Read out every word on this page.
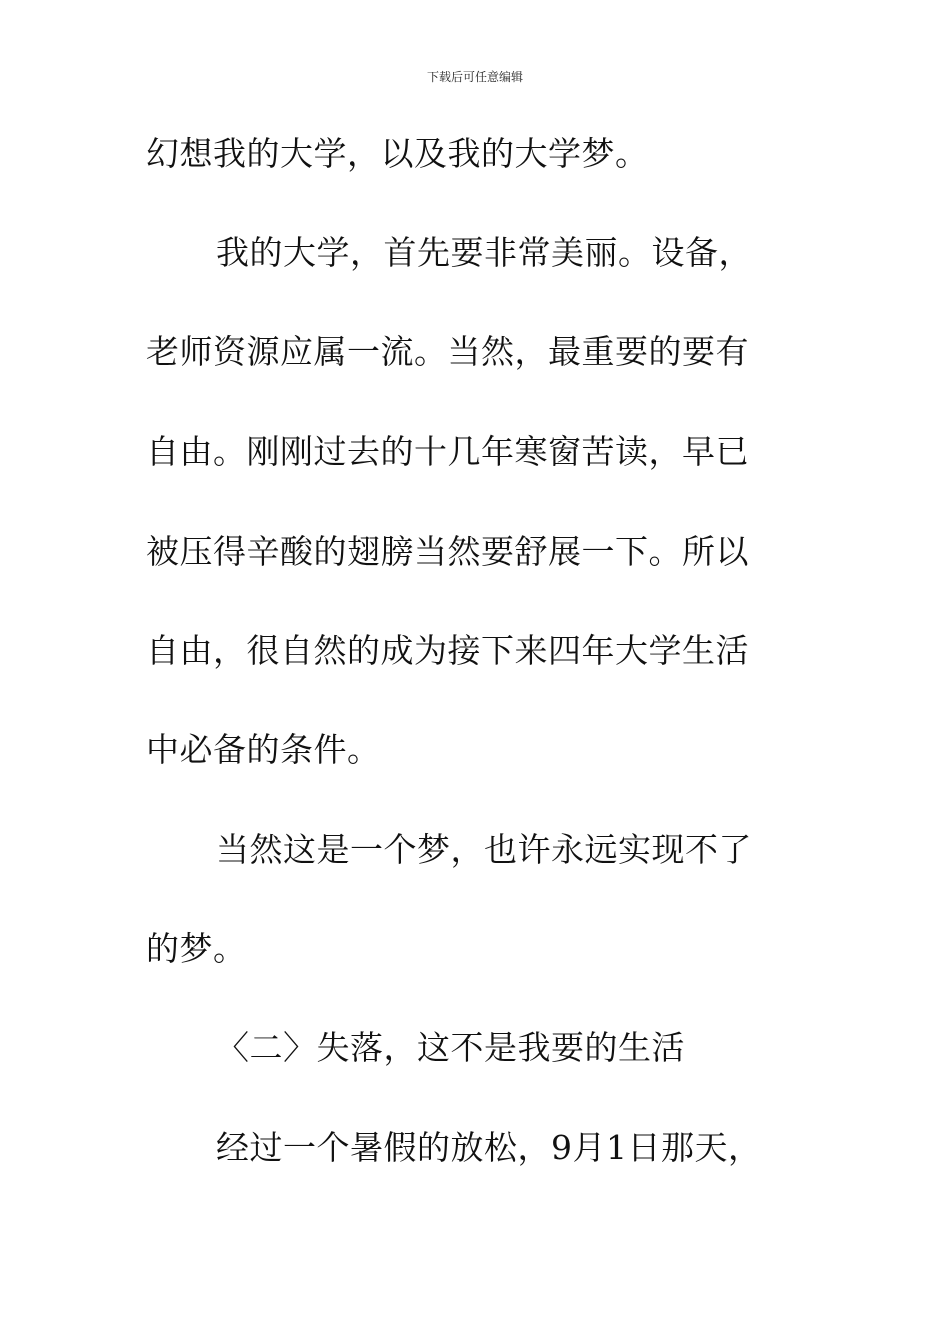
下载后可任意编辑
幻想我的大学，以及我的大学梦。
我的大学，首先要非常美丽。设备，
老师资源应属一流。当然，最重要的要有
自由。刚刚过去的十几年寒窗苦读，早已
被压得辛酸的翅膀当然要舒展一下。所以
自由，很自然的成为接下来四年大学生活
中必备的条件。
当然这是一个梦，也许永远实现不了
的梦。
〈二〉失落，这不是我要的生活
经过一个暑假的放松，9月1日那天，
